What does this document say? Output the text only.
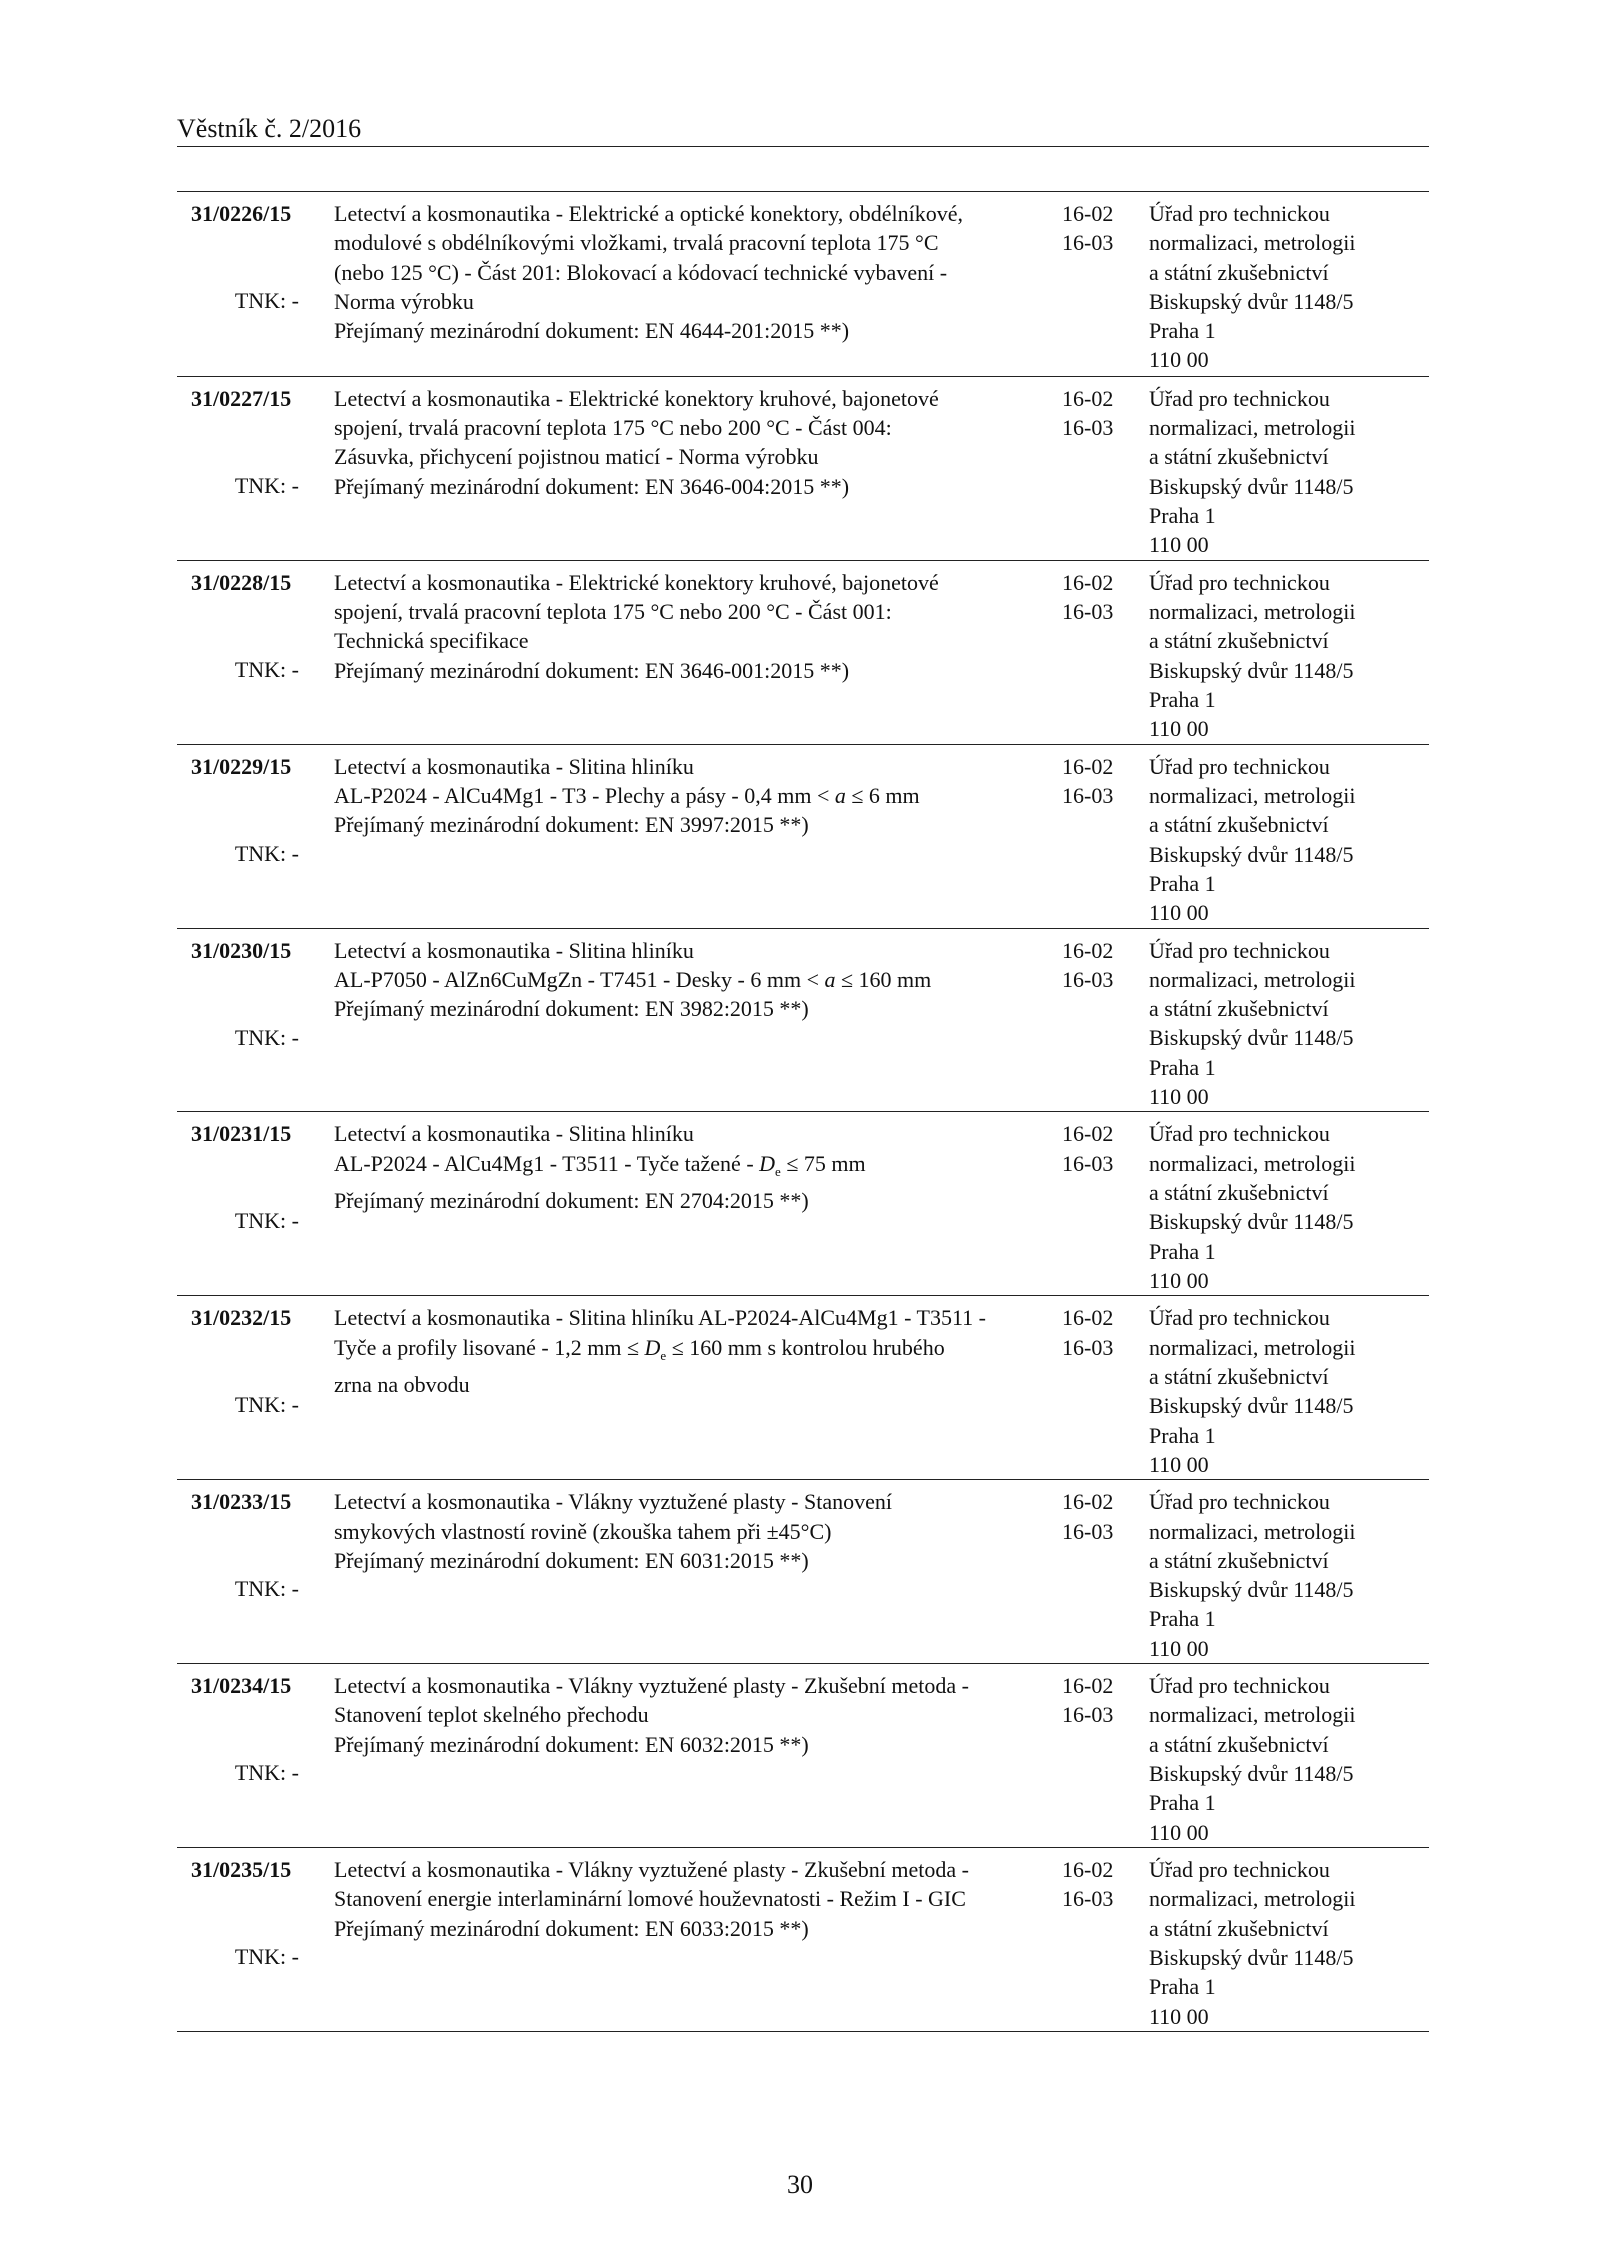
Věstník č. 2/2016
31/0226/15
TNK: -
Letectví a kosmonautika - Elektrické a optické konektory, obdélníkové,
modulové s obdélníkovými vložkami, trvalá pracovní teplota 175 °C
(nebo 125 °C) - Část 201: Blokovací a kódovací technické vybavení -
Norma výrobku
Přejímaný mezinárodní dokument: EN 4644-201:2015 **)
16-02
16-03
Úřad pro technickou
normalizaci, metrologii
a státní zkušebnictví
Biskupský dvůr 1148/5
Praha 1
110 00
31/0227/15
TNK: -
Letectví a kosmonautika - Elektrické konektory kruhové, bajonetové
spojení, trvalá pracovní teplota 175 °C nebo 200 °C - Část 004:
Zásuvka, přichycení pojistnou maticí - Norma výrobku
Přejímaný mezinárodní dokument: EN 3646-004:2015 **)
16-02
16-03
Úřad pro technickou
normalizaci, metrologii
a státní zkušebnictví
Biskupský dvůr 1148/5
Praha 1
110 00
31/0228/15
TNK: -
Letectví a kosmonautika - Elektrické konektory kruhové, bajonetové
spojení, trvalá pracovní teplota 175 °C nebo 200 °C - Část 001:
Technická specifikace
Přejímaný mezinárodní dokument: EN 3646-001:2015 **)
16-02
16-03
Úřad pro technickou
normalizaci, metrologii
a státní zkušebnictví
Biskupský dvůr 1148/5
Praha 1
110 00
31/0229/15
TNK: -
Letectví a kosmonautika - Slitina hliníku
AL-P2024 - AlCu4Mg1 - T3 - Plechy a pásy - 0,4 mm < a ≤ 6 mm
Přejímaný mezinárodní dokument: EN 3997:2015 **)
16-02
16-03
Úřad pro technickou
normalizaci, metrologii
a státní zkušebnictví
Biskupský dvůr 1148/5
Praha 1
110 00
31/0230/15
TNK: -
Letectví a kosmonautika - Slitina hliníku
AL-P7050 - AlZn6CuMgZn - T7451 - Desky - 6 mm < a ≤ 160 mm
Přejímaný mezinárodní dokument: EN 3982:2015 **)
16-02
16-03
Úřad pro technickou
normalizaci, metrologii
a státní zkušebnictví
Biskupský dvůr 1148/5
Praha 1
110 00
31/0231/15
TNK: -
Letectví a kosmonautika - Slitina hliníku
AL-P2024 - AlCu4Mg1 - T3511 - Tyče tažené - $D_e \le 75$ mm
Přejímaný mezinárodní dokument: EN 2704:2015 **)
16-02
16-03
Úřad pro technickou
normalizaci, metrologii
a státní zkušebnictví
Biskupský dvůr 1148/5
Praha 1
110 00
31/0232/15
TNK: -
Letectví a kosmonautika - Slitina hliníku AL-P2024-AlCu4Mg1 - T3511 -
Tyče a profily lisované - 1,2 mm ≤ $D_e \le 160$ mm s kontrolou hrubého
zrna na obvodu
16-02
16-03
Úřad pro technickou
normalizaci, metrologii
a státní zkušebnictví
Biskupský dvůr 1148/5
Praha 1
110 00
31/0233/15
TNK: -
Letectví a kosmonautika - Vlákny vyztužené plasty - Stanovení
smykových vlastností rovině (zkouška tahem při ±45°C)
Přejímaný mezinárodní dokument: EN 6031:2015 **)
16-02
16-03
Úřad pro technickou
normalizaci, metrologii
a státní zkušebnictví
Biskupský dvůr 1148/5
Praha 1
110 00
31/0234/15
TNK: -
Letectví a kosmonautika - Vlákny vyztužené plasty - Zkušební metoda -
Stanovení teplot skelného přechodu
Přejímaný mezinárodní dokument: EN 6032:2015 **)
16-02
16-03
Úřad pro technickou
normalizaci, metrologii
a státní zkušebnictví
Biskupský dvůr 1148/5
Praha 1
110 00
31/0235/15
TNK: -
Letectví a kosmonautika - Vlákny vyztužené plasty - Zkušební metoda -
Stanovení energie interlaminární lomové houževnatosti - Režim I - GIC
Přejímaný mezinárodní dokument: EN 6033:2015 **)
16-02
16-03
Úřad pro technickou
normalizaci, metrologii
a státní zkušebnictví
Biskupský dvůr 1148/5
Praha 1
110 00
30
